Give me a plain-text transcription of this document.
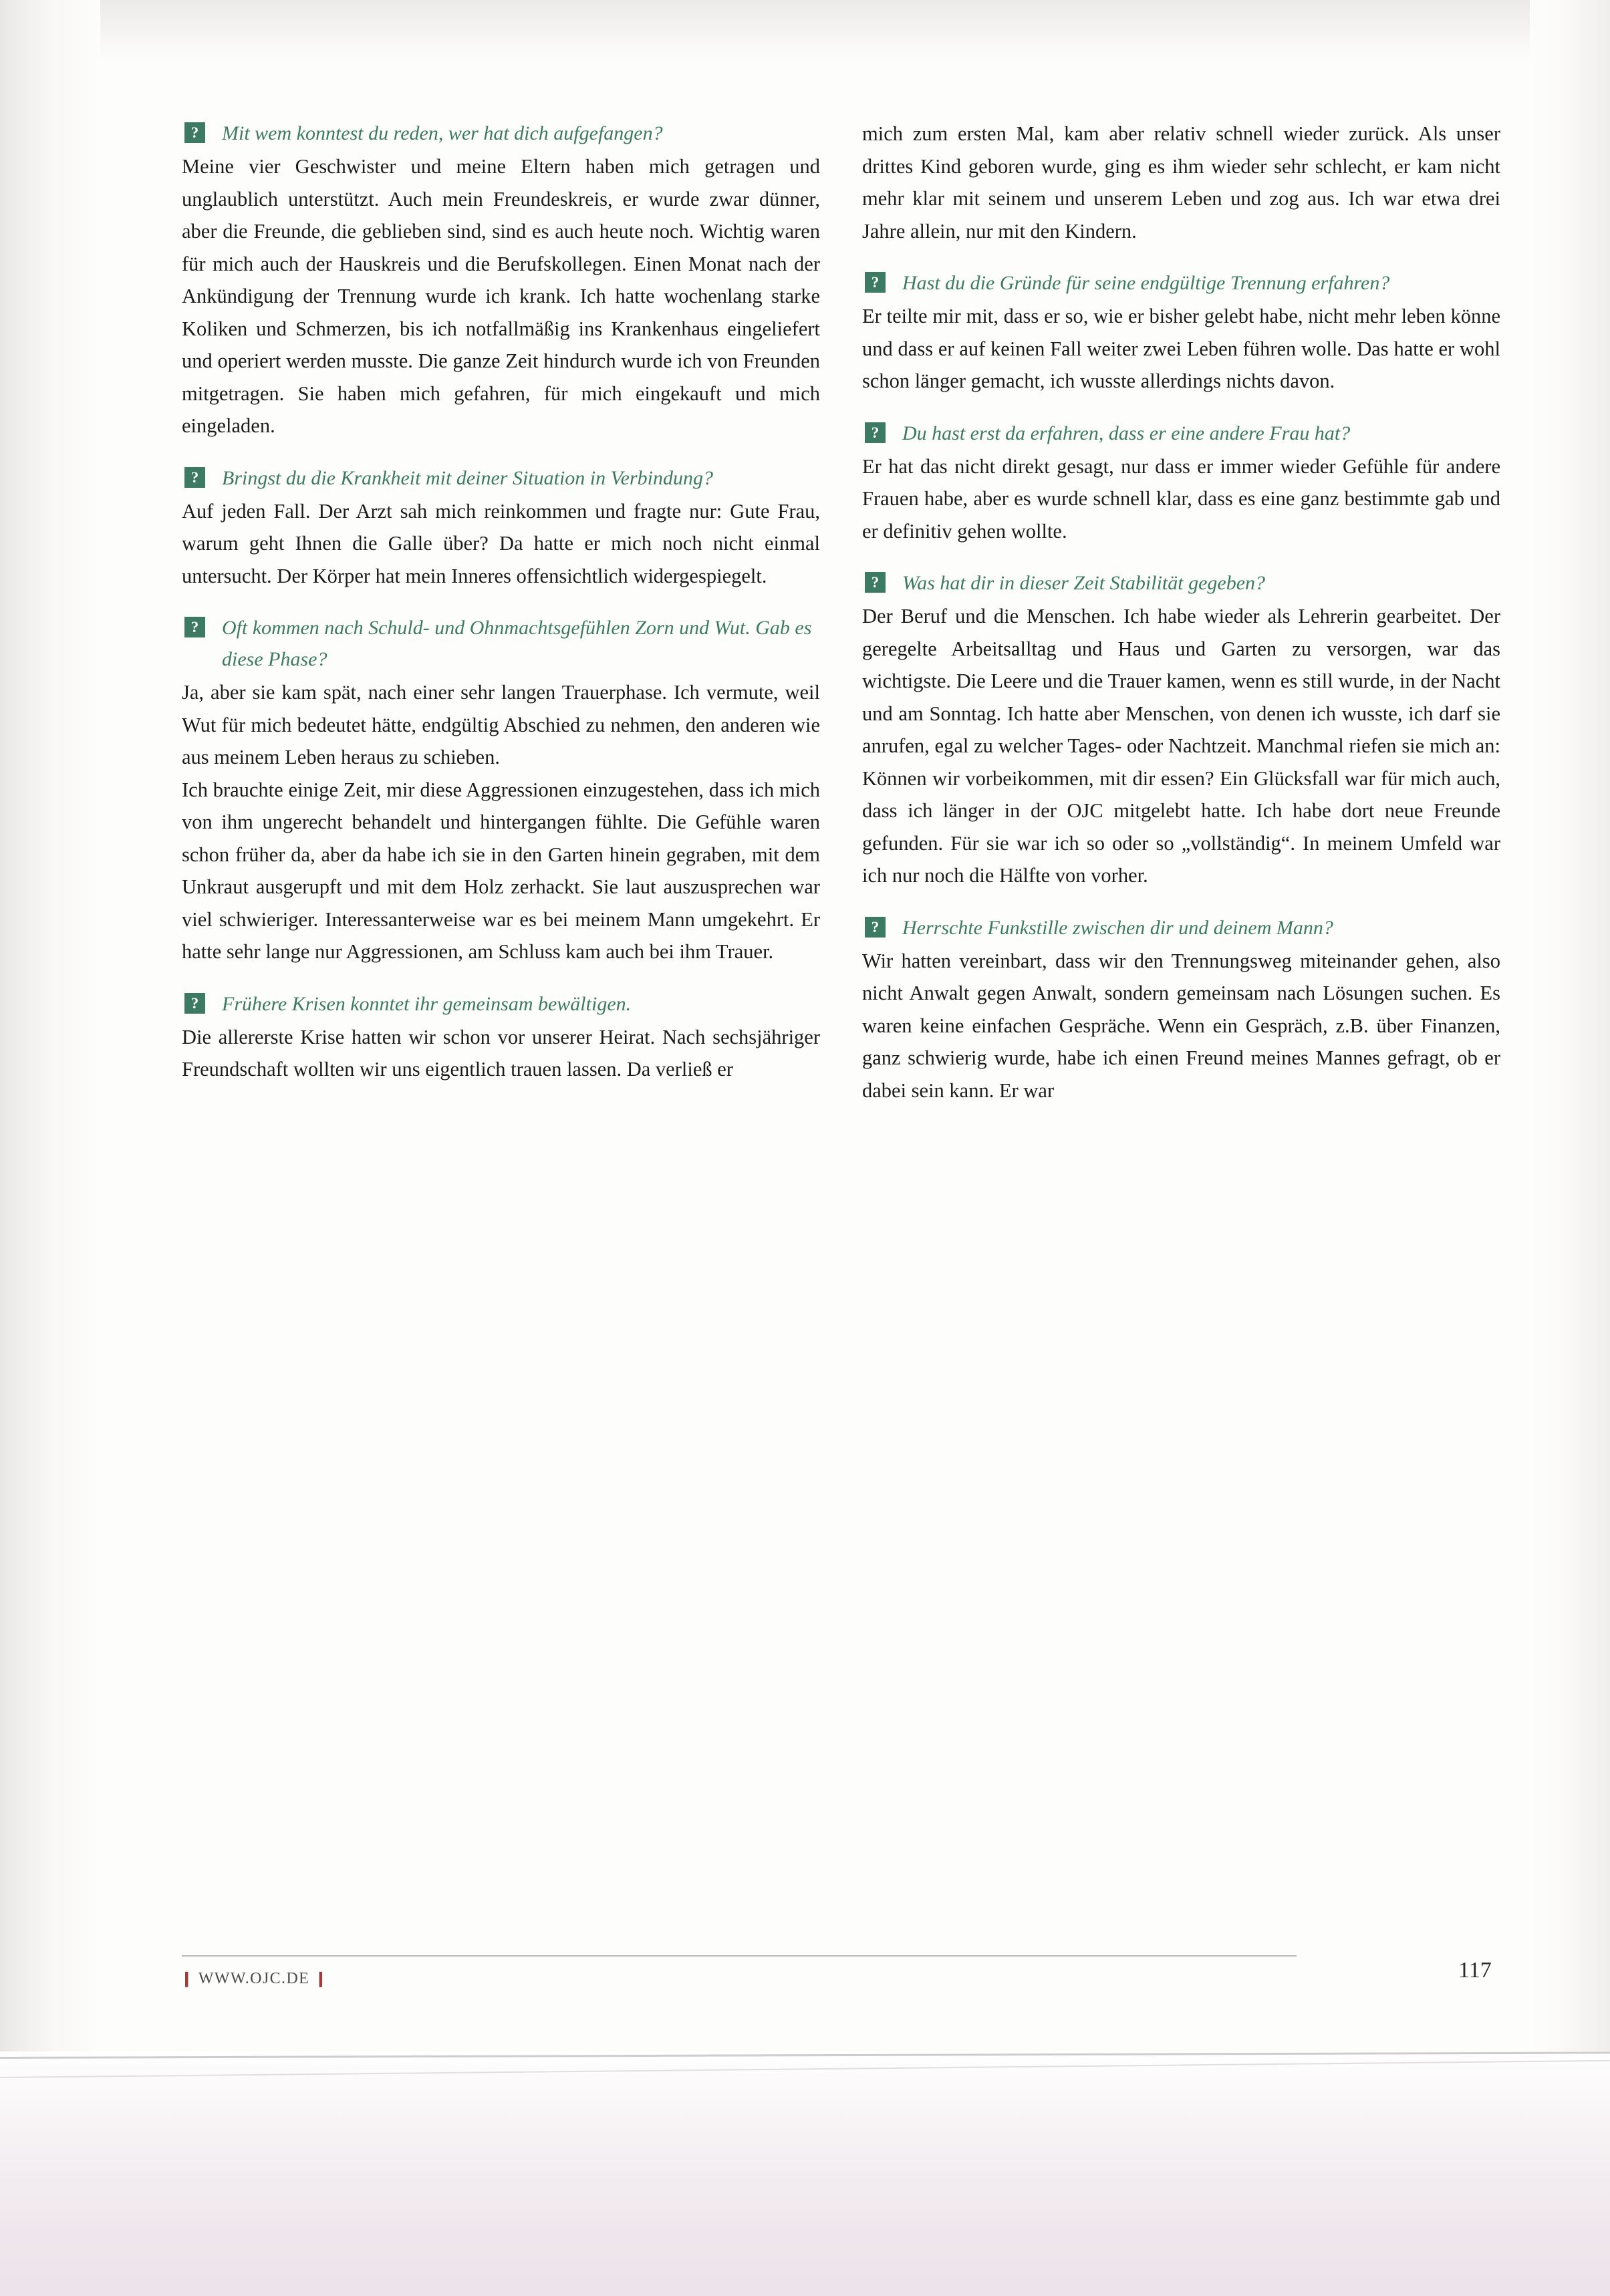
?	Mit wem konntest du reden, wer hat dich aufgefangen?

Meine vier Geschwister und meine Eltern haben mich getragen und unglaublich unterstützt. Auch mein Freundeskreis, er wurde zwar dünner, aber die Freunde, die geblieben sind, sind es auch heute noch. Wichtig waren für mich auch der Hauskreis und die Berufskollegen. Einen Monat nach der Ankündigung der Trennung wurde ich krank. Ich hatte wochenlang starke Koliken und Schmerzen, bis ich notfallmäßig ins Krankenhaus eingeliefert und operiert werden musste. Die ganze Zeit hindurch wurde ich von Freunden mitgetragen. Sie haben mich gefahren, für mich eingekauft und mich eingeladen.

?	Bringst du die Krankheit mit deiner Situation in Verbindung?

Auf jeden Fall. Der Arzt sah mich reinkommen und fragte nur: Gute Frau, warum geht Ihnen die Galle über? Da hatte er mich noch nicht einmal untersucht. Der Körper hat mein Inneres offensichtlich widergespiegelt.

?	Oft kommen nach Schuld- und Ohnmachtsgefühlen Zorn und Wut. Gab es diese Phase?

Ja, aber sie kam spät, nach einer sehr langen Trauerphase. Ich vermute, weil Wut für mich bedeutet hätte, endgültig Abschied zu nehmen, den anderen wie aus meinem Leben heraus zu schieben.

Ich brauchte einige Zeit, mir diese Aggressionen einzugestehen, dass ich mich von ihm ungerecht behandelt und hintergangen fühlte. Die Gefühle waren schon früher da, aber da habe ich sie in den Garten hinein gegraben, mit dem Unkraut ausgerupft und mit dem Holz zerhackt. Sie laut auszusprechen war viel schwieriger. Interessanterweise war es bei meinem Mann umgekehrt. Er hatte sehr lange nur Aggressionen, am Schluss kam auch bei ihm Trauer.

?	Frühere Krisen konntet ihr gemeinsam bewältigen.

Die allererste Krise hatten wir schon vor unserer Heirat. Nach sechsjähriger Freundschaft wollten wir uns eigentlich trauen lassen. Da verließ er

mich zum ersten Mal, kam aber relativ schnell wieder zurück. Als unser drittes Kind geboren wurde, ging es ihm wieder sehr schlecht, er kam nicht mehr klar mit seinem und unserem Leben und zog aus. Ich war etwa drei Jahre allein, nur mit den Kindern.

?	Hast du die Gründe für seine endgültige Trennung erfahren?

Er teilte mir mit, dass er so, wie er bisher gelebt habe, nicht mehr leben könne und dass er auf keinen Fall weiter zwei Leben führen wolle. Das hatte er wohl schon länger gemacht, ich wusste allerdings nichts davon.

?	Du hast erst da erfahren, dass er eine andere Frau hat?

Er hat das nicht direkt gesagt, nur dass er immer wieder Gefühle für andere Frauen habe, aber es wurde schnell klar, dass es eine ganz bestimmte gab und er definitiv gehen wollte.

?	Was hat dir in dieser Zeit Stabilität gegeben?

Der Beruf und die Menschen. Ich habe wieder als Lehrerin gearbeitet. Der geregelte Arbeitsalltag und Haus und Garten zu versorgen, war das wichtigste. Die Leere und die Trauer kamen, wenn es still wurde, in der Nacht und am Sonntag. Ich hatte aber Menschen, von denen ich wusste, ich darf sie anrufen, egal zu welcher Tages- oder Nachtzeit. Manchmal riefen sie mich an: Können wir vorbeikommen, mit dir essen? Ein Glücksfall war für mich auch, dass ich länger in der OJC mitgelebt hatte. Ich habe dort neue Freunde gefunden. Für sie war ich so oder so „vollständig“. In meinem Umfeld war ich nur noch die Hälfte von vorher.

?	Herrschte Funkstille zwischen dir und deinem Mann?

Wir hatten vereinbart, dass wir den Trennungsweg miteinander gehen, also nicht Anwalt gegen Anwalt, sondern gemeinsam nach Lösungen suchen. Es waren keine einfachen Gespräche. Wenn ein Gespräch, z.B. über Finanzen, ganz schwierig wurde, habe ich einen Freund meines Mannes gefragt, ob er dabei sein kann. Er war

❙ WWW.OJC.DE ❙	117
